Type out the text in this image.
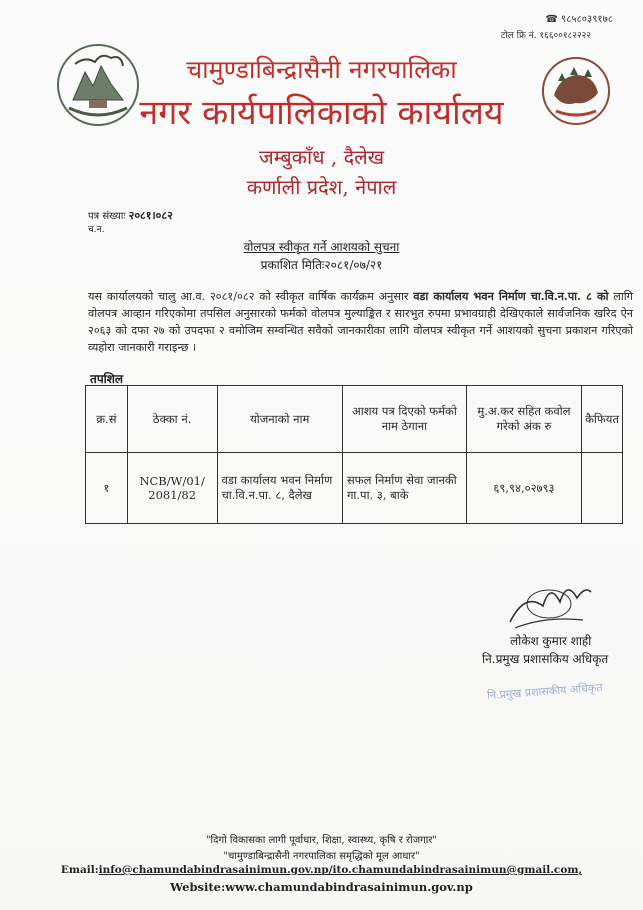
☎ ९८५८०३९१७८
टोल फ्रि नं. १६६००१८२२२२
चामुण्डाबिन्द्रासैनी नगरपालिका
नगर कार्यपालिकाको कार्यालय
जम्बुकाँध , दैलेख
कर्णाली प्रदेश, नेपाल
पत्र संख्याः २०८१।०८२
च.न.
वोलपत्र स्वीकृत गर्ने आशयको सुचना
प्रकाशित मितिः२०८१/०७/२१
यस कार्यालयको चालु आ.व. २०८१/०८२ को स्वीकृत वार्षिक कार्यक्रम अनुसार वडा कार्यालय भवन निर्माण चा.वि.न.पा. ८ को लागि वोलपत्र आव्हान गरिएकोमा तपसिल अनुसारको फर्मको वोलपत्र मुल्याङ्कित र सारभुत रुपमा प्रभावग्राही देखिएकाले सार्वजनिक खरिद ऐन २०६३ को दफा २७ को उपदफा २ वमोजिम सम्वन्धित सवैको जानकारीका लागि वोलपत्र स्वीकृत गर्ने आशयको सुचना प्रकाशन गरिएको व्यहोरा जानकारी गराइन्छ ।
तपशिल
क्र.सं	ठेक्का नं.	योजनाको नाम	आशय पत्र दिएको फर्मको नाम ठेगाना	मु.अ.कर सहित कवोल गरेको अंक रु	कैफियत
१	NCB/W/01/ 2081/82	वडा कार्यालय भवन निर्माण चा.वि.न.पा. ८, दैलेख	सफल निर्माण सेवा जानकी गा.पा. ३, बाके	६९,९४,०२७९३	
लोकेश कुमार शाही
नि.प्रमुख प्रशासकिय अधिकृत
नि.प्रमुख प्रशासकीय अधिकृत
"दिगो विकासका लागी पूर्वाधार, शिक्षा, स्वास्थ्य, कृषि र रोजगार"
"चामुण्डाबिन्द्रासैनी नगरपालिका समृद्धिको मूल आधार"
Email:info@chamundabindrasainimun.gov.np/ito.chamundabindrasainimun@gmail.com,
Website:www.chamundabindrasainimun.gov.np
